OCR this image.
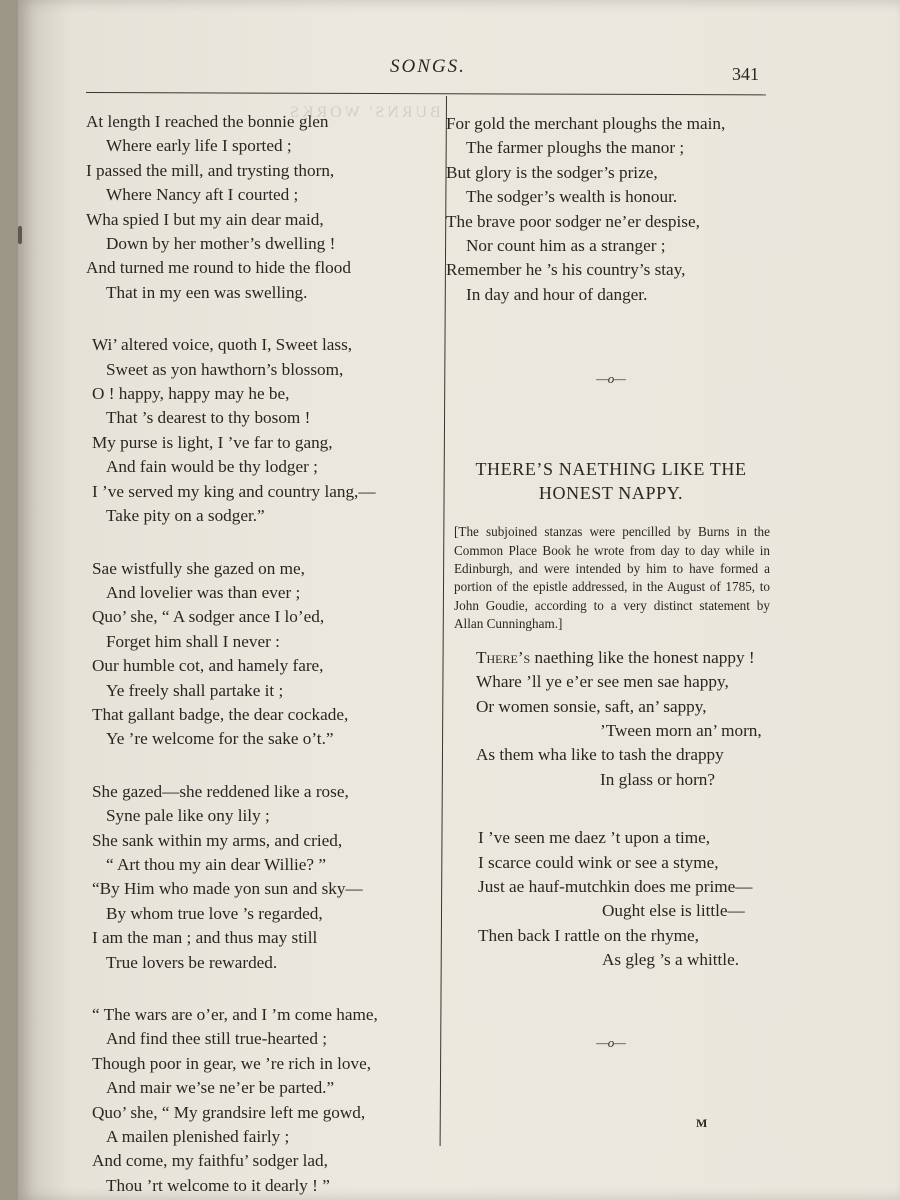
BURNS' WORKS.
SONGS.	341
At length I reached the bonnie glen
Where early life I sported ;
I passed the mill, and trysting thorn,
Where Nancy aft I courted ;
Wha spied I but my ain dear maid,
Down by her mother’s dwelling !
And turned me round to hide the flood
That in my een was swelling.
Wi’ altered voice, quoth I, Sweet lass,
Sweet as yon hawthorn’s blossom,
O ! happy, happy may he be,
That ’s dearest to thy bosom !
My purse is light, I ’ve far to gang,
And fain would be thy lodger ;
I ’ve served my king and country lang,—
Take pity on a sodger.”
Sae wistfully she gazed on me,
And lovelier was than ever ;
Quo’ she, “ A sodger ance I lo’ed,
Forget him shall I never :
Our humble cot, and hamely fare,
Ye freely shall partake it ;
That gallant badge, the dear cockade,
Ye ’re welcome for the sake o’t.”
She gazed—she reddened like a rose,
Syne pale like ony lily ;
She sank within my arms, and cried,
“ Art thou my ain dear Willie? ”
“By Him who made yon sun and sky—
By whom true love ’s regarded,
I am the man ; and thus may still
True lovers be rewarded.
“ The wars are o’er, and I ’m come hame,
And find thee still true-hearted ;
Though poor in gear, we ’re rich in love,
And mair we’se ne’er be parted.”
Quo’ she, “ My grandsire left me gowd,
A mailen plenished fairly ;
And come, my faithfu’ sodger lad,
Thou ’rt welcome to it dearly ! ”
For gold the merchant ploughs the main,
The farmer ploughs the manor ;
But glory is the sodger’s prize,
The sodger’s wealth is honour.
The brave poor sodger ne’er despise,
Nor count him as a stranger ;
Remember he ’s his country’s stay,
In day and hour of danger.

—o—

THERE’S NAETHING LIKE THE
HONEST NAPPY.

[The subjoined stanzas were pencilled by Burns in the Common Place Book he wrote from day to day while in Edinburgh, and were intended by him to have formed a portion of the epistle addressed, in the August of 1785, to John Goudie, according to a very distinct statement by Allan Cunningham.]

There’s naething like the honest nappy !
Whare ’ll ye e’er see men sae happy,
Or women sonsie, saft, an’ sappy,
’Tween morn an’ morn,
As them wha like to tash the drappy
In glass or horn?
I ’ve seen me daez ’t upon a time,
I scarce could wink or see a styme,
Just ae hauf-mutchkin does me prime—
Ought else is little—
Then back I rattle on the rhyme,
As gleg ’s a whittle.

—o—

M
